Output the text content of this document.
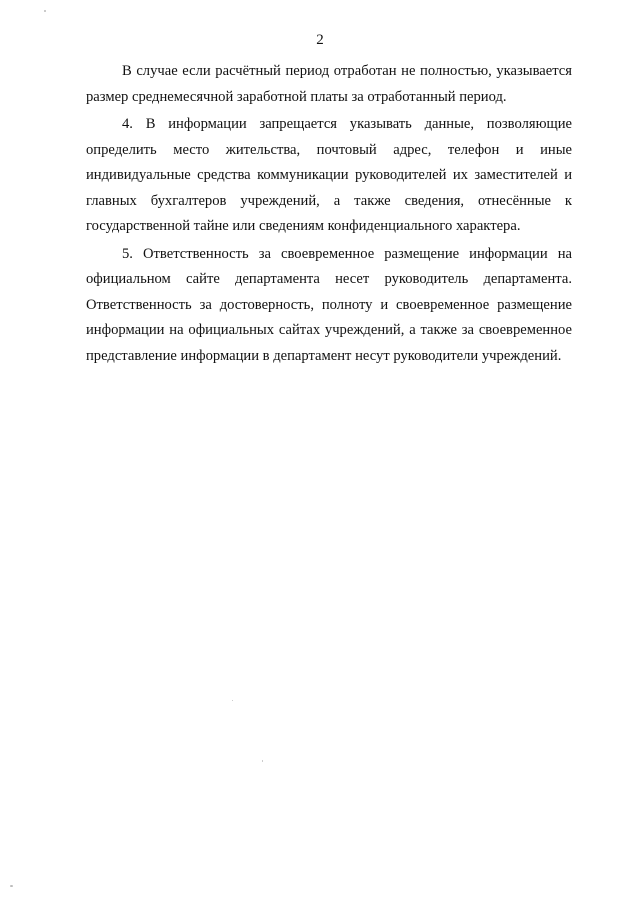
2

В случае если расчётный период отработан не полностью, указывается размер среднемесячной заработной платы за отработанный период.

4. В информации запрещается указывать данные, позволяющие определить место жительства, почтовый адрес, телефон и иные индивидуальные средства коммуникации руководителей их заместителей и главных бухгалтеров учреждений, а также сведения, отнесённые к государственной тайне или сведениям конфиденциального характера.

5. Ответственность за своевременное размещение информации на официальном сайте департамента несет руководитель департамента. Ответственность за достоверность, полноту и своевременное размещение информации на официальных сайтах учреждений, а также за своевременное представление информации в департамент несут руководители учреждений.
